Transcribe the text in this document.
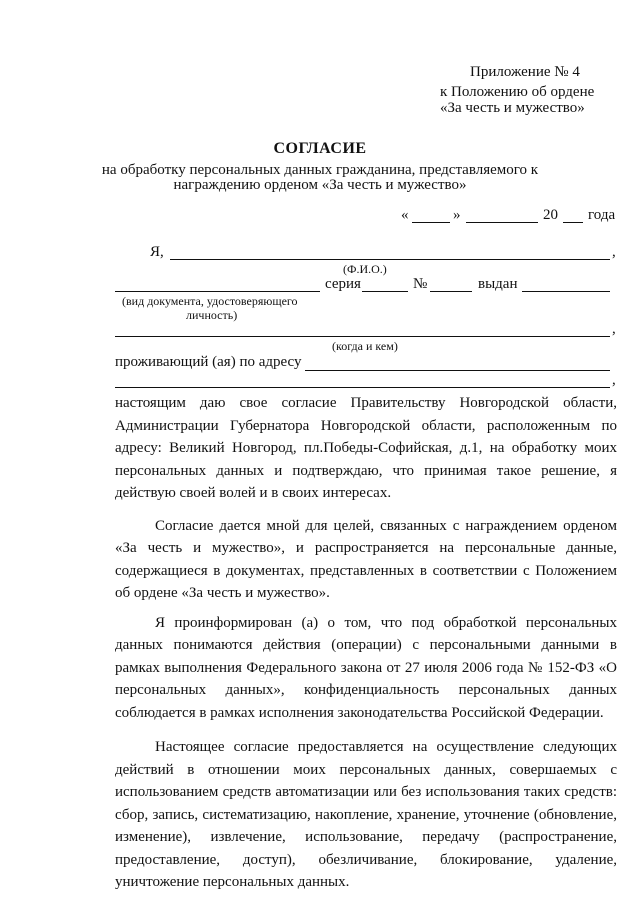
Приложение № 4
к Положению об ордене
«За честь и мужество»
СОГЛАСИЕ
на обработку персональных данных гражданина, представляемого к
награждению орденом «За честь и мужество»
«	»	20 года
Я,	,
(Ф.И.О.)
серия	№	выдан
(вид документа, удостоверяющего
личность)
,
(когда и кем)
проживающий (ая) по адресу
,

настоящим даю свое согласие Правительству Новгородской области, Администрации Губернатора Новгородской области, расположенным по адресу: Великий Новгород, пл.Победы-Софийская, д.1, на обработку моих персональных данных и подтверждаю, что принимая такое решение, я действую своей волей и в своих интересах.

Согласие дается мной для целей, связанных с награждением орденом «За честь и мужество», и распространяется на персональные данные, содержащиеся в документах, представленных в соответствии с Положением об ордене «За честь и мужество».

Я проинформирован (а) о том, что под обработкой персональных данных понимаются действия (операции) с персональными данными в рамках выполнения Федерального закона от 27 июля 2006 года № 152-ФЗ «О персональных данных», конфиденциальность персональных данных соблюдается в рамках исполнения законодательства Российской Федерации.

Настоящее согласие предоставляется на осуществление следующих действий в отношении моих персональных данных, совершаемых с использованием средств автоматизации или без использования таких средств: сбор, запись, систематизацию, накопление, хранение, уточнение (обновление, изменение), извлечение, использование, передачу (распространение, предоставление, доступ), обезличивание, блокирование, удаление, уничтожение персональных данных.
